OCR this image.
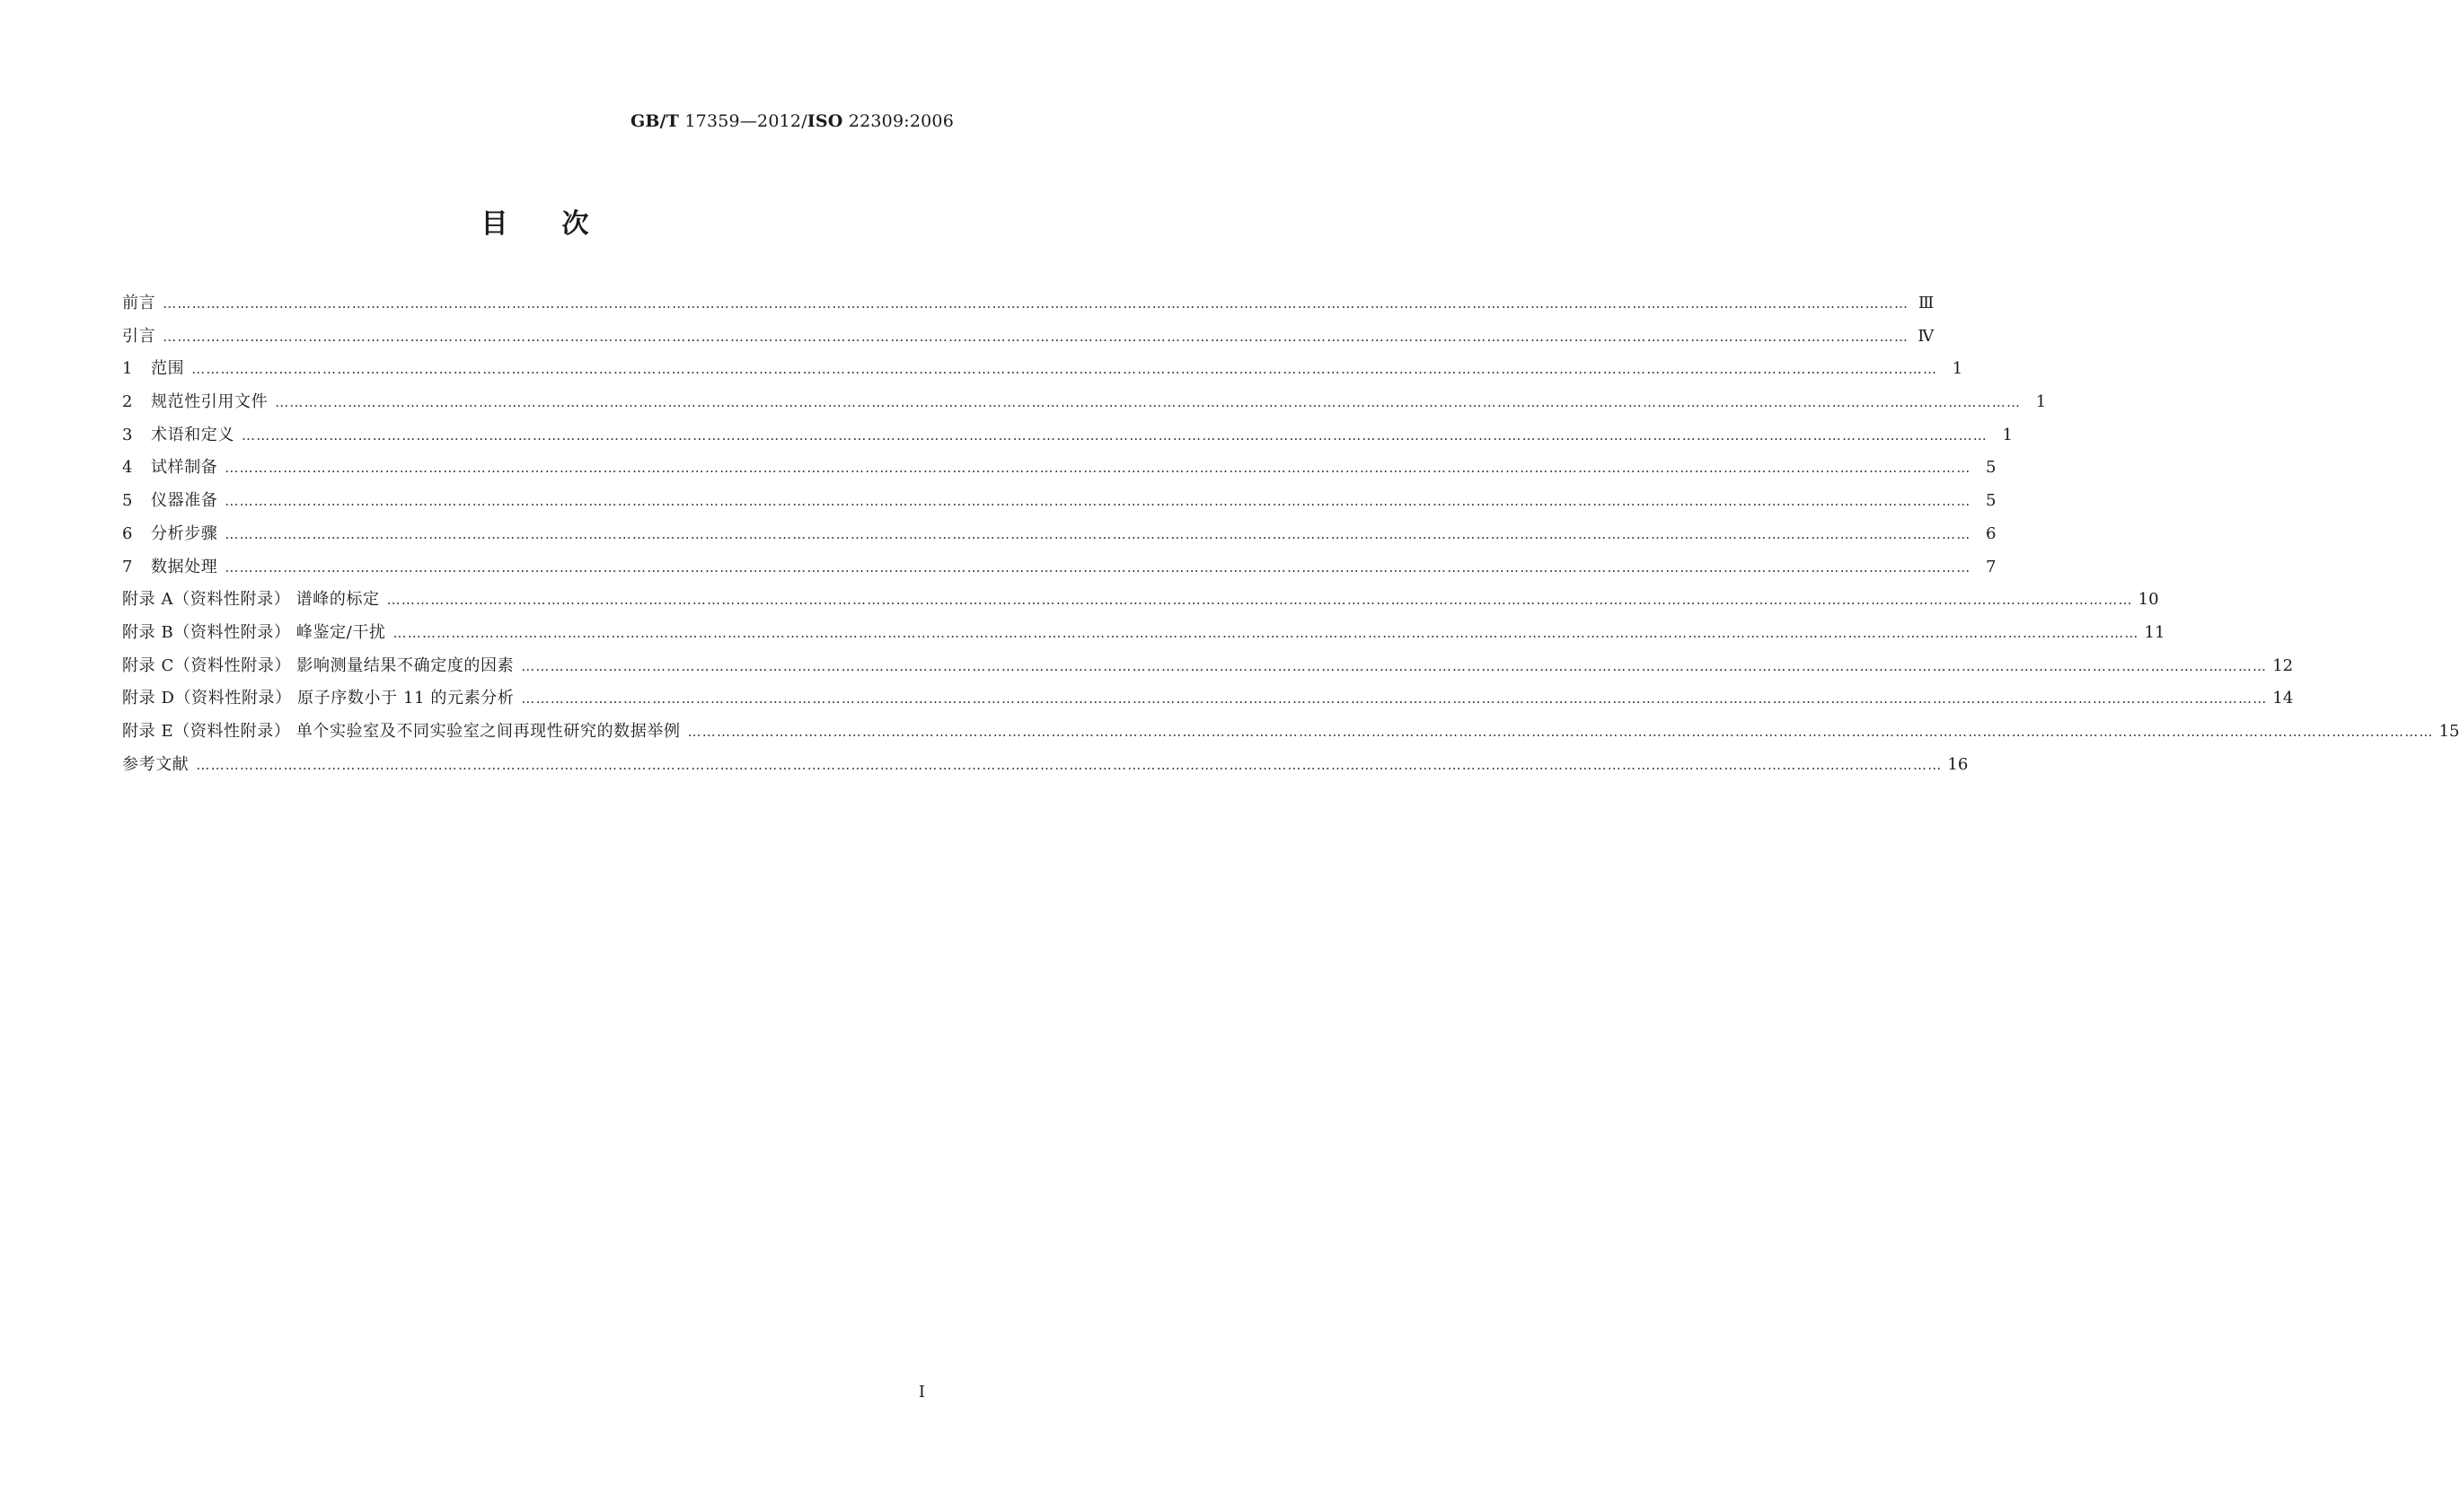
GB/T 17359—2012/ISO 22309:2006
目 次
前言 ……………………………………………………………………………………………………………………………………………………………………………………………………………………………………………………………………………………………………………………………… Ⅲ
引言 ……………………………………………………………………………………………………………………………………………………………………………………………………………………………………………………………………………………………………………………………… Ⅳ
1 范围 ……………………………………………………………………………………………………………………………………………………………………………………………………………………………………………………………………………………………………………………………… 1
2 规范性引用文件 ……………………………………………………………………………………………………………………………………………………………………………………………………………………………………………………………………………………………………………………………… 1
3 术语和定义 ……………………………………………………………………………………………………………………………………………………………………………………………………………………………………………………………………………………………………………………………… 1
4 试样制备 ……………………………………………………………………………………………………………………………………………………………………………………………………………………………………………………………………………………………………………………………… 5
5 仪器准备 ……………………………………………………………………………………………………………………………………………………………………………………………………………………………………………………………………………………………………………………………… 5
6 分析步骤 ……………………………………………………………………………………………………………………………………………………………………………………………………………………………………………………………………………………………………………………………… 6
7 数据处理 ……………………………………………………………………………………………………………………………………………………………………………………………………………………………………………………………………………………………………………………………… 7
附录 A（资料性附录） 谱峰的标定 ……………………………………………………………………………………………………………………………………………………………………………………………………………………………………………………………………………………………………………………………… 10
附录 B（资料性附录） 峰鉴定/干扰 ……………………………………………………………………………………………………………………………………………………………………………………………………………………………………………………………………………………………………………………………… 11
附录 C（资料性附录） 影响测量结果不确定度的因素 ……………………………………………………………………………………………………………………………………………………………………………………………………………………………………………………………………………………………………………………………… 12
附录 D（资料性附录） 原子序数小于 11 的元素分析 ……………………………………………………………………………………………………………………………………………………………………………………………………………………………………………………………………………………………………………………………… 14
附录 E（资料性附录） 单个实验室及不同实验室之间再现性研究的数据举例 ……………………………………………………………………………………………………………………………………………………………………………………………………………………………………………………………………………………………………………………………… 15
参考文献 ……………………………………………………………………………………………………………………………………………………………………………………………………………………………………………………………………………………………………………………………… 16
I
